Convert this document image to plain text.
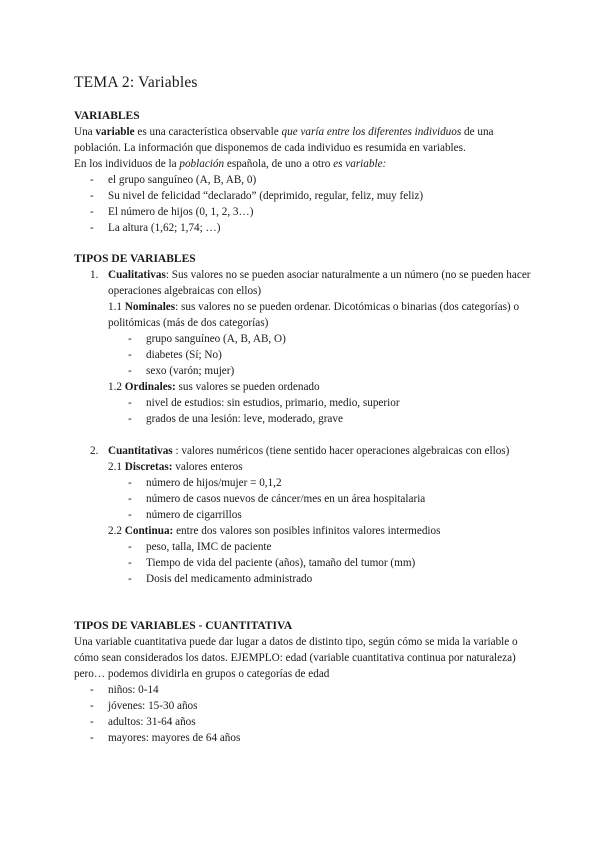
TEMA 2: Variables

VARIABLES

Una variable es una característica observable que varía entre los diferentes individuos de una población. La información que disponemos de cada individuo es resumida en variables.

En los individuos de la población española, de uno a otro es variable:

- el grupo sanguíneo (A, B, AB, 0)
- Su nivel de felicidad “declarado” (deprimido, regular, feliz, muy feliz)
- El número de hijos (0, 1, 2, 3…)
- La altura (1,62; 1,74; …)

TIPOS DE VARIABLES

1. Cualitativas: Sus valores no se pueden asociar naturalmente a un número (no se pueden hacer operaciones algebraicas con ellos)
1.1 Nominales: sus valores no se pueden ordenar. Dicotómicas o binarias (dos categorías) o politómicas (más de dos categorías)
- grupo sanguíneo (A, B, AB, O)
- diabetes (Sí; No)
- sexo (varón; mujer)
1.2 Ordinales: sus valores se pueden ordenado
- nivel de estudios: sin estudios, primario, medio, superior
- grados de una lesión: leve, moderado, grave
2. Cuantitativas : valores numéricos (tiene sentido hacer operaciones algebraicas con ellos)
2.1 Discretas: valores enteros
- número de hijos/mujer = 0,1,2
- número de casos nuevos de cáncer/mes en un área hospitalaria
- número de cigarrillos
2.2 Continua: entre dos valores son posibles infinitos valores intermedios
- peso, talla, IMC de paciente
- Tiempo de vida del paciente (años), tamaño del tumor (mm)
- Dosis del medicamento administrado

TIPOS DE VARIABLES - CUANTITATIVA

Una variable cuantitativa puede dar lugar a datos de distinto tipo, según cómo se mida la variable o cómo sean considerados los datos. EJEMPLO: edad (variable cuantitativa continua por naturaleza) pero… podemos dividirla en grupos o categorías de edad

- niños: 0-14
- jóvenes: 15-30 años
- adultos: 31-64 años
- mayores: mayores de 64 años
